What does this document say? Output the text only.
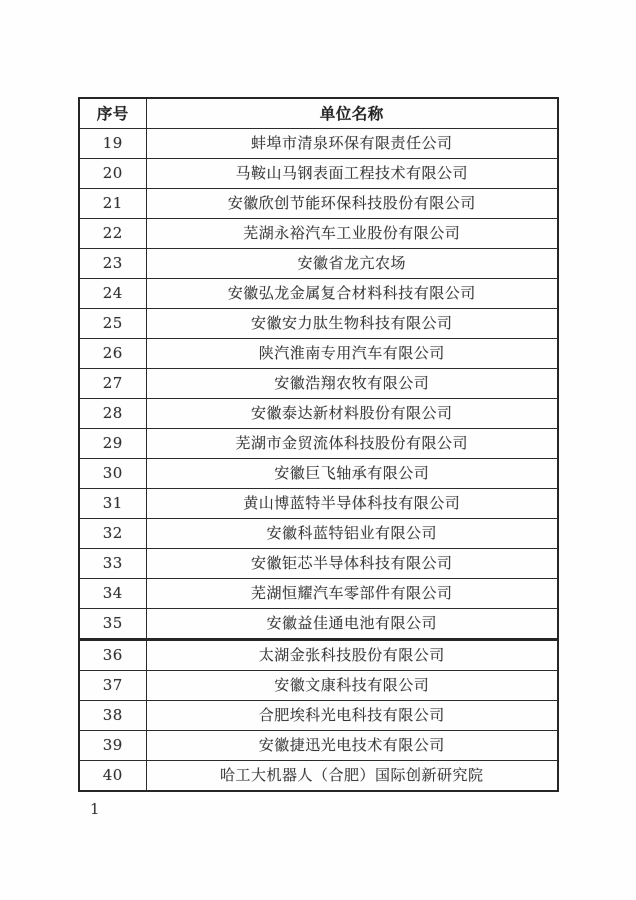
序号	单位名称
19	蚌埠市清泉环保有限责任公司
20	马鞍山马钢表面工程技术有限公司
21	安徽欣创节能环保科技股份有限公司
22	芜湖永裕汽车工业股份有限公司
23	安徽省龙亢农场
24	安徽弘龙金属复合材料科技有限公司
25	安徽安力肽生物科技有限公司
26	陕汽淮南专用汽车有限公司
27	安徽浩翔农牧有限公司
28	安徽泰达新材料股份有限公司
29	芜湖市金贸流体科技股份有限公司
30	安徽巨飞轴承有限公司
31	黄山博蓝特半导体科技有限公司
32	安徽科蓝特铝业有限公司
33	安徽钜芯半导体科技有限公司
34	芜湖恒耀汽车零部件有限公司
35	安徽益佳通电池有限公司
36	太湖金张科技股份有限公司
37	安徽文康科技有限公司
38	合肥埃科光电科技有限公司
39	安徽捷迅光电技术有限公司
40	哈工大机器人（合肥）国际创新研究院
1
